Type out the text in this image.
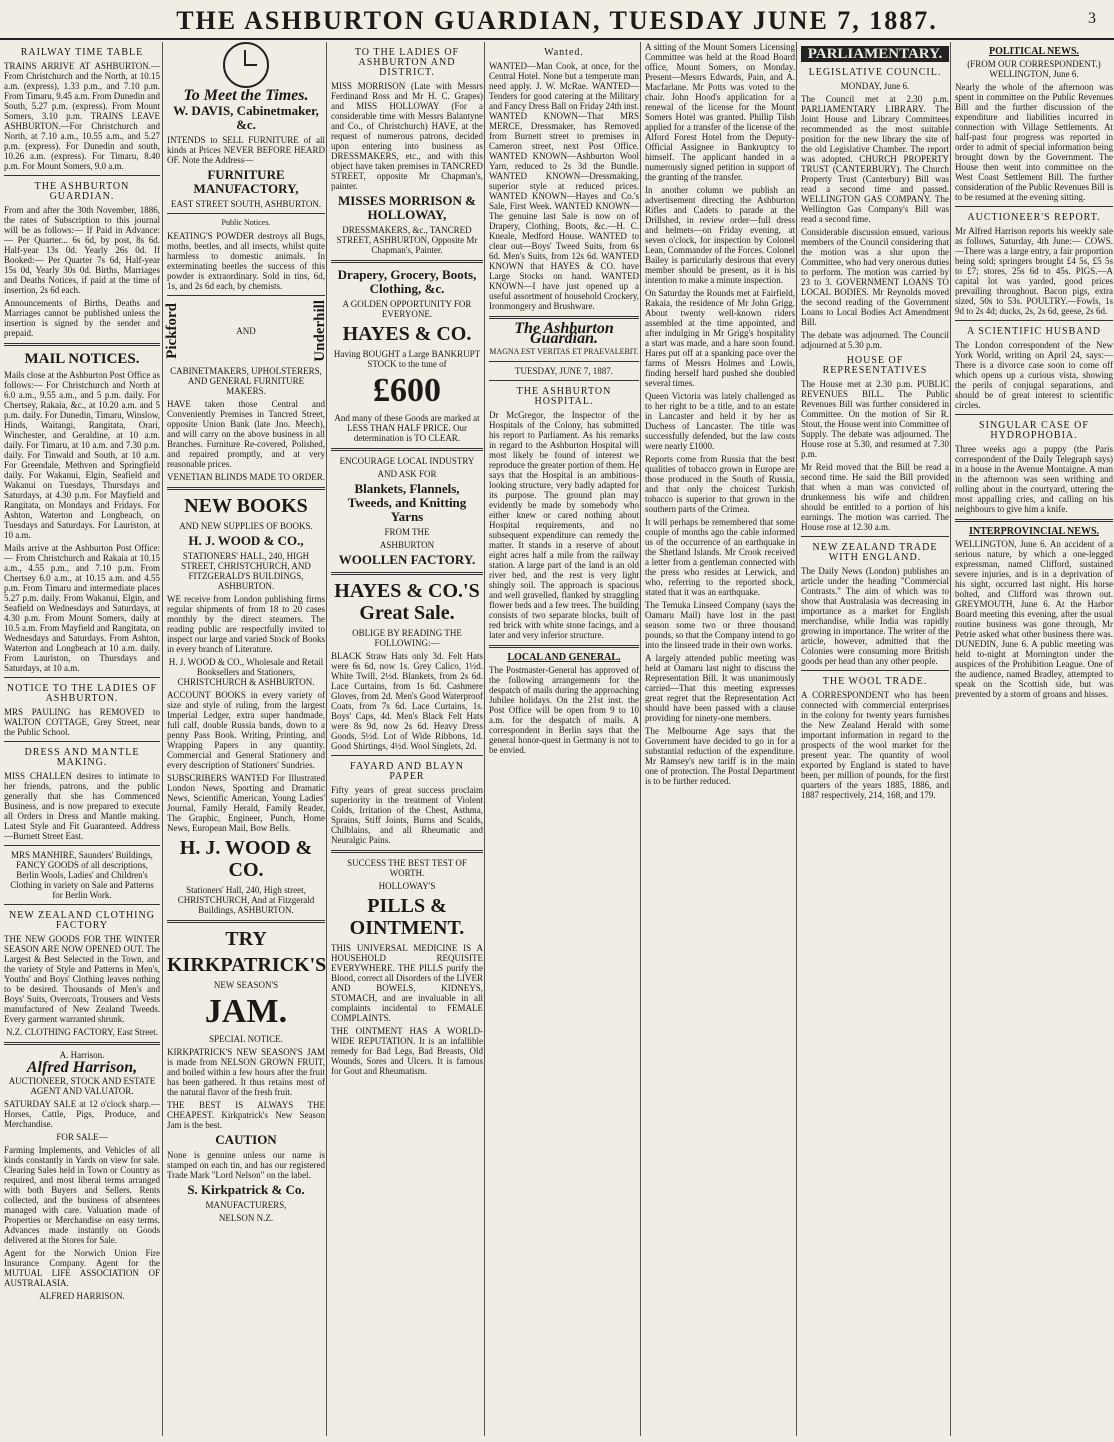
THE ASHBURTON GUARDIAN, TUESDAY JUNE 7, 1887.	3
RAILWAY TIME TABLE

TRAINS ARRIVE AT ASHBURTON.—From Christchurch and the North, at 10.15 a.m. (express), 1.33 p.m., and 7.10 p.m. From Timaru, 9.45 a.m. From Dunedin and South, 5.27 p.m. (express). From Mount Somers, 3.10 p.m. TRAINS LEAVE ASHBURTON.—For Christchurch and North, at 7.10 a.m., 10.55 a.m., and 5.27 p.m. (express). For Dunedin and south, 10.26 a.m. (express). For Timaru, 8.40 p.m. For Mount Somers, 9.0 a.m.

THE ASHBURTON GUARDIAN.

From and after the 30th November, 1886, the rates of Subscription to this journal will be as follows:— If Paid in Advance:— Per Quarter... 6s 6d, by post, 8s 6d. Half-year 13s 0d. Yearly 26s 0d. If Booked:— Per Quarter 7s 6d, Half-year 15s 0d, Yearly 30s 0d. Births, Marriages and Deaths Notices, if paid at the time of insertion, 2s 6d each.

Announcements of Births, Deaths and Marriages cannot be published unless the insertion is signed by the sender and prepaid.

MAIL NOTICES.

Mails close at the Ashburton Post Office as follows:— For Christchurch and North at 6.0 a.m., 9.55 a.m., and 5 p.m. daily. For Chertsey, Rakaia, &c., at 10.20 a.m. and 5 p.m. daily. For Dunedin, Timaru, Winslow, Hinds, Waitangi, Rangitata, Orari, Winchester, and Geraldine, at 10 a.m. daily. For Timaru, at 10 a.m. and 7.30 p.m. daily. For Tinwald and South, at 10 a.m. For Greendale, Methven and Springfield daily. For Wakanui, Elgin, Seafield and Wakanui on Tuesdays, Thursdays and Saturdays, at 4.30 p.m. For Mayfield and Rangitata, on Mondays and Fridays. For Ashton, Waterton and Longbeach, on Tuesdays and Saturdays. For Lauriston, at 10 a.m.

Mails arrive at the Ashburton Post Office:— From Christchurch and Rakaia at 10.15 a.m., 4.55 p.m., and 7.10 p.m. From Chertsey 6.0 a.m., at 10.15 a.m. and 4.55 p.m. From Timaru and intermediate places 5.27 p.m. daily. From Wakanui, Elgin, and Seafield on Wednesdays and Saturdays, at 4.30 p.m. From Mount Somers, daily at 10.5 a.m. From Mayfield and Rangitata, on Wednesdays and Saturdays. From Ashton, Waterton and Longbeach at 10 a.m. daily. From Lauriston, on Thursdays and Saturdays, at 10 a.m.

NOTICE TO THE LADIES OF ASHBURTON.

MRS PAULING has REMOVED to WALTON COTTAGE, Grey Street, near the Public School.

DRESS AND MANTLE MAKING.

MISS CHALLEN desires to intimate to her friends, patrons, and the public generally that she has Commenced Business, and is now prepared to execute all Orders in Dress and Mantle making. Latest Style and Fit Guaranteed. Address—Burnett Street East.

MRS MANHIRE, Saunders' Buildings, FANCY GOODS of all descriptions, Berlin Wools, Ladies' and Children's Clothing in variety on Sale and Patterns for Berlin Work.

NEW ZEALAND CLOTHING FACTORY

THE NEW GOODS FOR THE WINTER SEASON ARE NOW OPENED OUT. The Largest & Best Selected in the Town, and the variety of Style and Patterns in Men's, Youths' and Boys' Clothing leaves nothing to be desired. Thousands of Men's and Boys' Suits, Overcoats, Trousers and Vests manufactured of New Zealand Tweeds. Every garment warranted shrunk.

N.Z. CLOTHING FACTORY, East Street.

A. Harrison.

Alfred Harrison,

AUCTIONEER, STOCK AND ESTATE AGENT AND VALUATOR.

SATURDAY SALE at 12 o'clock sharp.—Horses, Cattle, Pigs, Produce, and Merchandise.

FOR SALE—

Farming Implements, and Vehicles of all kinds constantly in Yards on view for sale. Clearing Sales held in Town or Country as required, and most liberal terms arranged with both Buyers and Sellers. Rents collected, and the business of absentees managed with care. Valuation made of Properties or Merchandise on easy terms. Advances made instantly on Goods delivered at the Stores for Sale.

Agent for the Norwich Union Fire Insurance Company. Agent for the MUTUAL LIFE ASSOCIATION OF AUSTRALASIA.

ALFRED HARRISON.

To Meet the Times.
W. DAVIS, Cabinetmaker, &c.

INTENDS to SELL FURNITURE of all kinds at Prices NEVER BEFORE HEARD OF. Note the Address—

FURNITURE MANUFACTORY,

EAST STREET SOUTH, ASHBURTON.

Public Notices.

KEATING'S POWDER destroys all Bugs, moths, beetles, and all insects, whilst quite harmless to domestic animals. In exterminating beetles the success of this powder is extraordinary. Sold in tins, 6d, 1s, and 2s 6d each, by chemists.

Pickford	AND	Underhill

CABINETMAKERS, UPHOLSTERERS, AND GENERAL FURNITURE MAKERS.

HAVE taken those Central and Conveniently Premises in Tancred Street, opposite Union Bank (late Jno. Meech), and will carry on the above business in all Branches. Furniture Re-covered, Polished, and repaired promptly, and at very reasonable prices.

VENETIAN BLINDS MADE TO ORDER.

NEW BOOKS

AND NEW SUPPLIES OF BOOKS.

H. J. WOOD & CO.,

STATIONERS' HALL, 240, HIGH STREET, CHRISTCHURCH, AND FITZGERALD'S BUILDINGS, ASHBURTON.

WE receive from London publishing firms regular shipments of from 18 to 20 cases monthly by the direct steamers. The reading public are respectfully invited to inspect our large and varied Stock of Books in every branch of Literature.

H. J. WOOD & CO., Wholesale and Retail Booksellers and Stationers, CHRISTCHURCH & ASHBURTON.

ACCOUNT BOOKS in every variety of size and style of ruling, from the largest Imperial Ledger, extra super handmade, full calf, double Russia bands, down to a penny Pass Book. Writing, Printing, and Wrapping Papers in any quantity. Commercial and General Stationery and every description of Stationers' Sundries.

SUBSCRIBERS WANTED For Illustrated London News, Sporting and Dramatic News, Scientific American, Young Ladies' Journal, Family Herald, Family Reader, The Graphic, Engineer, Punch, Home News, European Mail, Bow Bells.

H. J. WOOD & CO.

Stationers' Hall, 240, High street, CHRISTCHURCH, And at Fitzgerald Buildings, ASHBURTON.

TRY
KIRKPATRICK'S

NEW SEASON'S

JAM.

SPECIAL NOTICE.

KIRKPATRICK'S NEW SEASON'S JAM is made from NELSON GROWN FRUIT, and boiled within a few hours after the fruit has been gathered. It thus retains most of the natural flavor of the fresh fruit.

THE BEST IS ALWAYS THE CHEAPEST. Kirkpatrick's New Season Jam is the best.

CAUTION

None is genuine unless our name is stamped on each tin, and has our registered Trade Mark "Lord Nelson" on the label.

S. Kirkpatrick & Co.

MANUFACTURERS,

NELSON N.Z.

TO THE LADIES OF ASHBURTON AND DISTRICT.

MISS MORRISON (Late with Messrs Ferdinand Ross and Mr H. C. Grapes) and MISS HOLLOWAY (For a considerable time with Messrs Balantyne and Co., of Christchurch) HAVE, at the request of numerous patrons, decided upon entering into business as DRESSMAKERS, etc., and with this object have taken premises in TANCRED STREET, opposite Mr Chapman's, painter.

MISSES MORRISON & HOLLOWAY,

DRESSMAKERS, &c., TANCRED STREET, ASHBURTON, Opposite Mr Chapman's, Painter.

Drapery, Grocery, Boots, Clothing, &c.

A GOLDEN OPPORTUNITY FOR EVERYONE.

HAYES & CO.

Having BOUGHT a Large BANKRUPT STOCK to the tune of

£600

And many of these Goods are marked at LESS THAN HALF PRICE. Our determination is TO CLEAR.

ENCOURAGE LOCAL INDUSTRY

AND ASK FOR

Blankets, Flannels, Tweeds, and Knitting Yarns

FROM THE

ASHBURTON

WOOLLEN FACTORY.
HAYES & CO.'S Great Sale.

OBLIGE BY READING THE FOLLOWING:—

BLACK Straw Hats only 3d. Felt Hats were 6s 6d, now 1s. Grey Calico, 1½d. White Twill, 2½d. Blankets, from 2s 6d. Lace Curtains, from 1s 6d. Cashmere Gloves, from 2d. Men's Good Waterproof Coats, from 7s 6d. Lace Curtains, 1s. Boys' Caps, 4d. Men's Black Felt Hats were 8s 9d, now 2s 6d. Heavy Dress Goods, 5½d. Lot of Wide Ribbons, 1d. Good Shirtings, 4½d. Wool Singlets, 2d.

FAYARD AND BLAYN PAPER

Fifty years of great success proclaim superiority in the treatment of Violent Colds, Irritation of the Chest, Asthma, Sprains, Stiff Joints, Burns and Scalds, Chilblains, and all Rheumatic and Neuralgic Pains.

SUCCESS THE BEST TEST OF WORTH.

HOLLOWAY'S

PILLS & OINTMENT.

THIS UNIVERSAL MEDICINE IS A HOUSEHOLD REQUISITE EVERYWHERE. THE PILLS purify the Blood, correct all Disorders of the LIVER AND BOWELS, KIDNEYS, STOMACH, and are invaluable in all complaints incidental to FEMALE COMPLAINTS.

THE OINTMENT HAS A WORLD-WIDE REPUTATION. It is an infallible remedy for Bad Legs, Bad Breasts, Old Wounds, Sores and Ulcers. It is famous for Gout and Rheumatism.

Wanted.

WANTED—Man Cook, at once, for the Central Hotel. None but a temperate man need apply. J. W. McRae. WANTED—Tenders for good catering at the Military and Fancy Dress Ball on Friday 24th inst. WANTED KNOWN—That MRS MERCE, Dressmaker, has Removed from Burnett street to premises in Cameron street, next Post Office. WANTED KNOWN—Ashburton Wool Yarn, reduced to 2s 3d the Bundle. WANTED KNOWN—Dressmaking, superior style at reduced prices. WANTED KNOWN—Hayes and Co.'s Sale, First Week. WANTED KNOWN—The genuine last Sale is now on of Drapery, Clothing, Boots, &c.—H. C. Kneale, Medford House. WANTED to clear out—Boys' Tweed Suits, from 6s 6d. Men's Suits, from 12s 6d. WANTED KNOWN that HAYES & CO. have Large Stocks on hand. WANTED KNOWN—I have just opened up a useful assortment of household Crockery, Ironmongery and Brushware.

The Ashburton Guardian.

MAGNA EST VERITAS ET PRAEVALEBIT.

TUESDAY, JUNE 7, 1887.

THE ASHBURTON HOSPITAL.

Dr McGregor, the Inspector of the Hospitals of the Colony, has submitted his report to Parliament. As his remarks in regard to the Ashburton Hospital will most likely be found of interest we reproduce the greater portion of them. He says that the Hospital is an ambitious-looking structure, very badly adapted for its purpose. The ground plan may evidently be made by somebody who either knew or cared nothing about Hospital requirements, and no subsequent expenditure can remedy the matter. It stands in a reserve of about eight acres half a mile from the railway station. A large part of the land is an old river bed, and the rest is very light shingly soil. The approach is spacious and well gravelled, flanked by straggling flower beds and a few trees. The building consists of two separate blocks, built of red brick with white stone facings, and a later and very inferior structure.

LOCAL AND GENERAL.

The Postmaster-General has approved of the following arrangements for the despatch of mails during the approaching Jubilee holidays. On the 21st inst. the Post Office will be open from 9 to 10 a.m. for the despatch of mails. A correspondent in Berlin says that the general honor-quest in Germany is not to be envied.

A sitting of the Mount Somers Licensing Committee was held at the Road Board office, Mount Somers, on Monday. Present—Messrs Edwards, Pain, and A. Macfarlane. Mr Potts was voted to the chair. John Hood's application for a renewal of the license for the Mount Somers Hotel was granted. Phillip Tilsh applied for a transfer of the license of the Alford Forest Hotel from the Deputy-Official Assignee in Bankruptcy to himself. The applicant handed in a numerously signed petition in support of the granting of the transfer.

In another column we publish an advertisement directing the Ashburton Rifles and Cadets to parade at the Drillshed, in review order—full dress and helmets—on Friday evening, at seven o'clock, for inspection by Colonel Lean, Commander of the Forces. Colonel Bailey is particularly desirous that every member should be present, as it is his intention to make a minute inspection.

On Saturday the Rounds met at Fairfield, Rakaia, the residence of Mr John Grigg. About twenty well-known riders assembled at the time appointed, and after indulging in Mr Grigg's hospitality a start was made, and a hare soon found. Hares put off at a spanking pace over the farms of Messrs Holmes and Lowis, finding herself hard pushed she doubled several times.

Queen Victoria was lately challenged as to her right to be a title, and to an estate in Lancaster and held it by her as Duchess of Lancaster. The title was successfully defended, but the law costs were nearly £1000.

Reports come from Russia that the best qualities of tobacco grown in Europe are those produced in the South of Russia, and that only the choicest Turkish tobacco is superior to that grown in the southern parts of the Crimea.

It will perhaps be remembered that some couple of months ago the cable informed us of the occurrence of an earthquake in the Shetland Islands. Mr Crook received a letter from a gentleman connected with the press who resides at Lerwick, and who, referring to the reported shock, stated that it was an earthquake.

The Temuka Linseed Company (says the Oamaru Mail) have lost in the past season some two or three thousand pounds, so that the Company intend to go into the linseed trade in their own works.

A largely attended public meeting was held at Oamaru last night to discuss the Representation Bill. It was unanimously carried—That this meeting expresses great regret that the Representation Act should have been passed with a clause providing for ninety-one members.

The Melbourne Age says that the Government have decided to go in for a substantial reduction of the expenditure. Mr Ramsey's new tariff is in the main one of protection. The Postal Department is to be further reduced.

PARLIAMENTARY.
LEGISLATIVE COUNCIL.

MONDAY, June 6.

The Council met at 2.30 p.m. PARLIAMENTARY LIBRARY. The Joint House and Library Committees recommended as the most suitable position for the new library the site of the old Legislative Chamber. The report was adopted. CHURCH PROPERTY TRUST (CANTERBURY). The Church Property Trust (Canterbury) Bill was read a second time and passed. WELLINGTON GAS COMPANY. The Wellington Gas Company's Bill was read a second time.

Considerable discussion ensued, various members of the Council considering that the motion was a slur upon the Committee, who had very onerous duties to perform. The motion was carried by 23 to 3. GOVERNMENT LOANS TO LOCAL BODIES. Mr Reynolds moved the second reading of the Government Loans to Local Bodies Act Amendment Bill.

The debate was adjourned. The Council adjourned at 5.30 p.m.

HOUSE OF REPRESENTATIVES

The House met at 2.30 p.m. PUBLIC REVENUES BILL. The Public Revenues Bill was further considered in Committee. On the motion of Sir R. Stout, the House went into Committee of Supply. The debate was adjourned. The House rose at 5.30, and resumed at 7.30 p.m.

Mr Reid moved that the Bill be read a second time. He said the Bill provided that when a man was convicted of drunkenness his wife and children should be entitled to a portion of his earnings. The motion was carried. The House rose at 12.30 a.m.

NEW ZEALAND TRADE WITH ENGLAND.

The Daily News (London) publishes an article under the heading "Commercial Contrasts." The aim of which was to show that Australasia was decreasing in importance as a market for English merchandise, while India was rapidly growing in importance. The writer of the article, however, admitted that the Colonies were consuming more British goods per head than any other people.

THE WOOL TRADE.

A CORRESPONDENT who has been connected with commercial enterprises in the colony for twenty years furnishes the New Zealand Herald with some important information in regard to the prospects of the wool market for the present year. The quantity of wool exported by England is stated to have been, per million of pounds, for the first quarters of the years 1885, 1886, and 1887 respectively, 214, 168, and 179.

POLITICAL NEWS.

(FROM OUR CORRESPONDENT.) WELLINGTON, June 6.

Nearly the whole of the afternoon was spent in committee on the Public Revenues Bill and the further discussion of the expenditure and liabilities incurred in connection with Village Settlements. At half-past four progress was reported in order to admit of special information being brought down by the Government. The House then went into committee on the West Coast Settlement Bill. The further consideration of the Public Revenues Bill is to be resumed at the evening sitting.

AUCTIONEER'S REPORT.

Mr Alfred Harrison reports his weekly sale as follows, Saturday, 4th June:— COWS.—There was a large entry, a fair proportion being sold; springers brought £4 5s, £5 5s to £7; stores, 25s 6d to 45s. PIGS.—A capital lot was yarded, good prices prevailing throughout. Bacon pigs, extra sized, 50s to 53s. POULTRY.—Fowls, 1s 9d to 2s 4d; ducks, 2s, 2s 6d, geese, 2s 6d.

A SCIENTIFIC HUSBAND

The London correspondent of the New York World, writing on April 24, says:—There is a divorce case soon to come off which opens up a curious vista, showing the perils of conjugal separations, and should be of great interest to scientific circles.

SINGULAR CASE OF HYDROPHOBIA.

Three weeks ago a puppy (the Paris correspondent of the Daily Telegraph says) in a house in the Avenue Montaigne. A man in the afternoon was seen writhing and rolling about in the courtyard, uttering the most appalling cries, and calling on his neighbours to give him a knife.

INTERPROVINCIAL NEWS.

WELLINGTON, June 6. An accident of a serious nature, by which a one-legged expressman, named Clifford, sustained severe injuries, and is in a deprivation of his sight, occurred last night. His horse bolted, and Clifford was thrown out. GREYMOUTH, June 6. At the Harbor Board meeting this evening, after the usual routine business was gone through, Mr Petrie asked what other business there was. DUNEDIN, June 6. A public meeting was held to-night at Mornington under the auspices of the Prohibition League. One of the audience, named Bradley, attempted to speak on the Scottish side, but was prevented by a storm of groans and hisses.
